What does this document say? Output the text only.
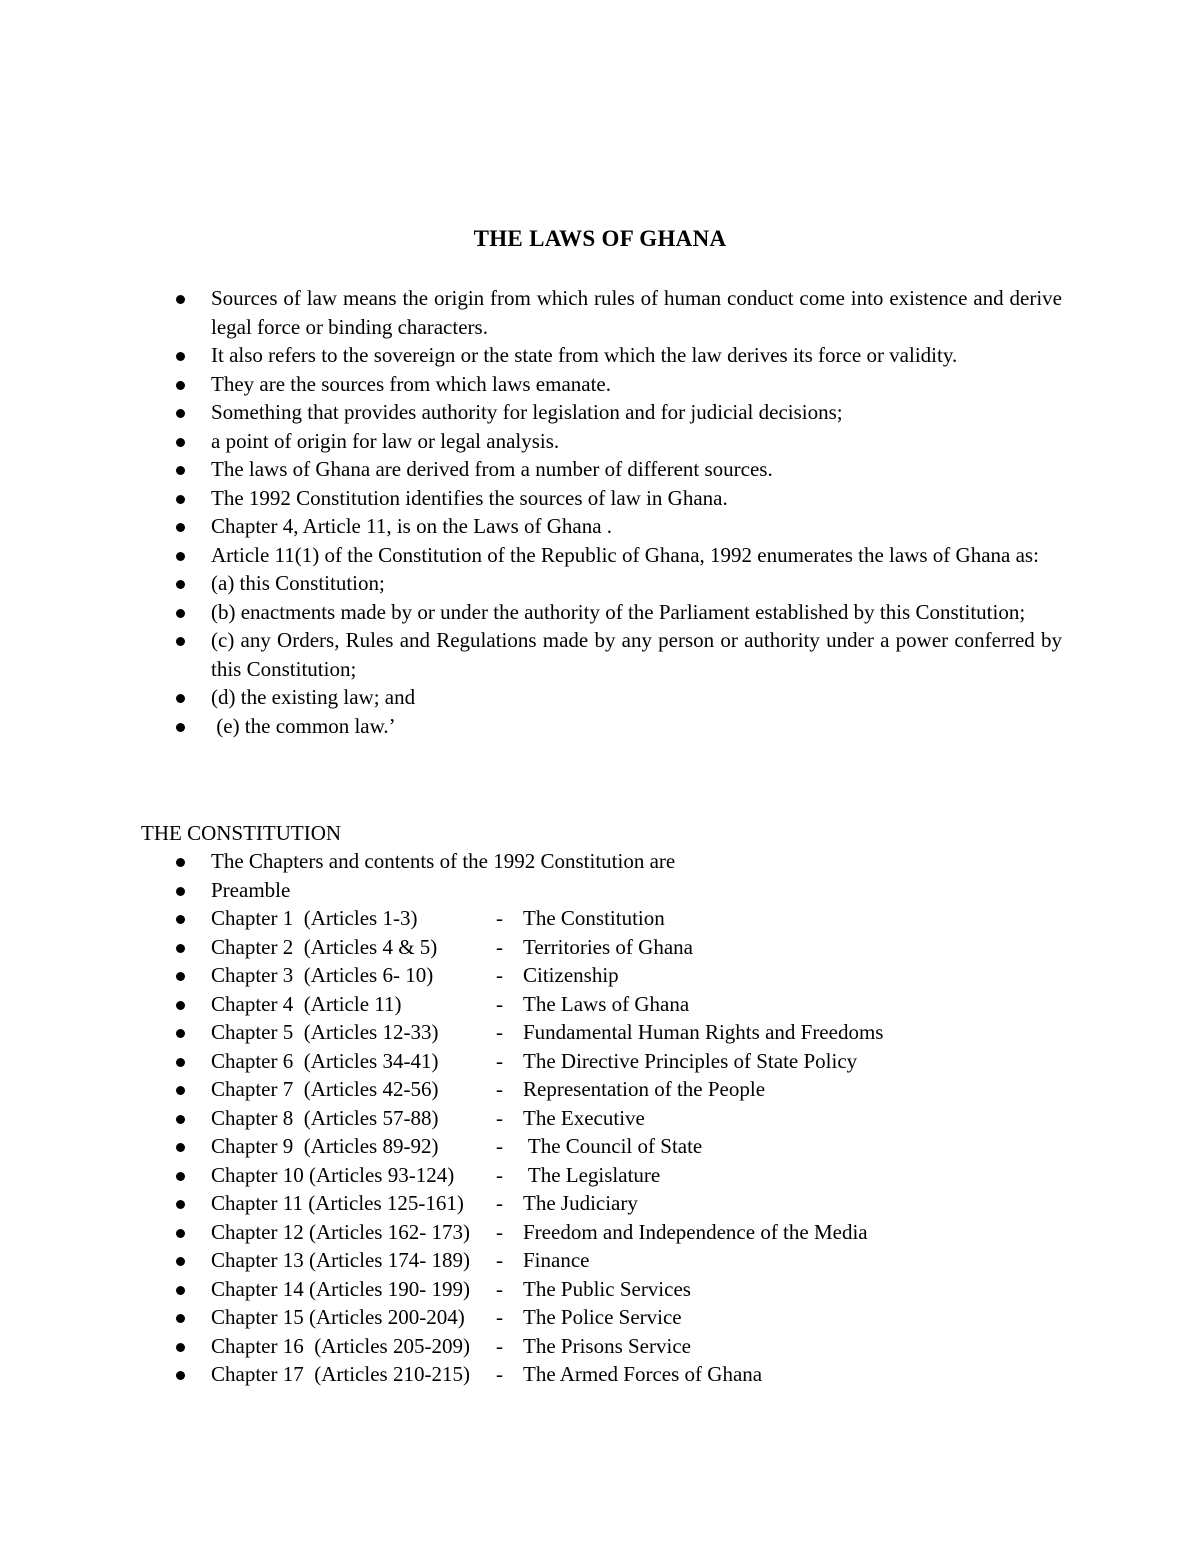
THE LAWS OF GHANA
Sources of law means the origin from which rules of human conduct come into existence and derive legal force or binding characters.
It also refers to the sovereign or the state from which the law derives its force or validity.
They are the sources from which laws emanate.
Something that provides authority for legislation and for judicial decisions;
a point of origin for law or legal analysis.
The laws of Ghana are derived from a number of different sources.
The 1992 Constitution identifies the sources of law in Ghana.
Chapter 4, Article 11, is on the Laws of Ghana .
Article 11(1) of the Constitution of the Republic of Ghana, 1992 enumerates the laws of Ghana as:
(a) this Constitution;
(b) enactments made by or under the authority of the Parliament established by this Constitution;
(c) any Orders, Rules and Regulations made by any person or authority under a power conferred by this Constitution;
(d) the existing law; and
(e) the common law.’
THE CONSTITUTION
The Chapters and contents of the 1992 Constitution are
Preamble
Chapter 1  (Articles 1-3)	- The Constitution
Chapter 2  (Articles 4 & 5)	- Territories of Ghana
Chapter 3  (Articles 6- 10)	- Citizenship
Chapter 4  (Article 11)	- The Laws of Ghana
Chapter 5  (Articles 12-33)	- Fundamental Human Rights and Freedoms
Chapter 6  (Articles 34-41)	- The Directive Principles of State Policy
Chapter 7  (Articles 42-56)	- Representation of the People
Chapter 8  (Articles 57-88)	- The Executive
Chapter 9  (Articles 89-92)	- The Council of State
Chapter 10 (Articles 93-124) - The Legislature
Chapter 11 (Articles 125-161) - The Judiciary
Chapter 12 (Articles 162- 173) - Freedom and Independence of the Media
Chapter 13 (Articles 174- 189) - Finance
Chapter 14 (Articles 190- 199) - The Public Services
Chapter 15 (Articles 200-204) - The Police Service
Chapter 16  (Articles 205-209) - The Prisons Service
Chapter 17  (Articles 210-215) - The Armed Forces of Ghana
